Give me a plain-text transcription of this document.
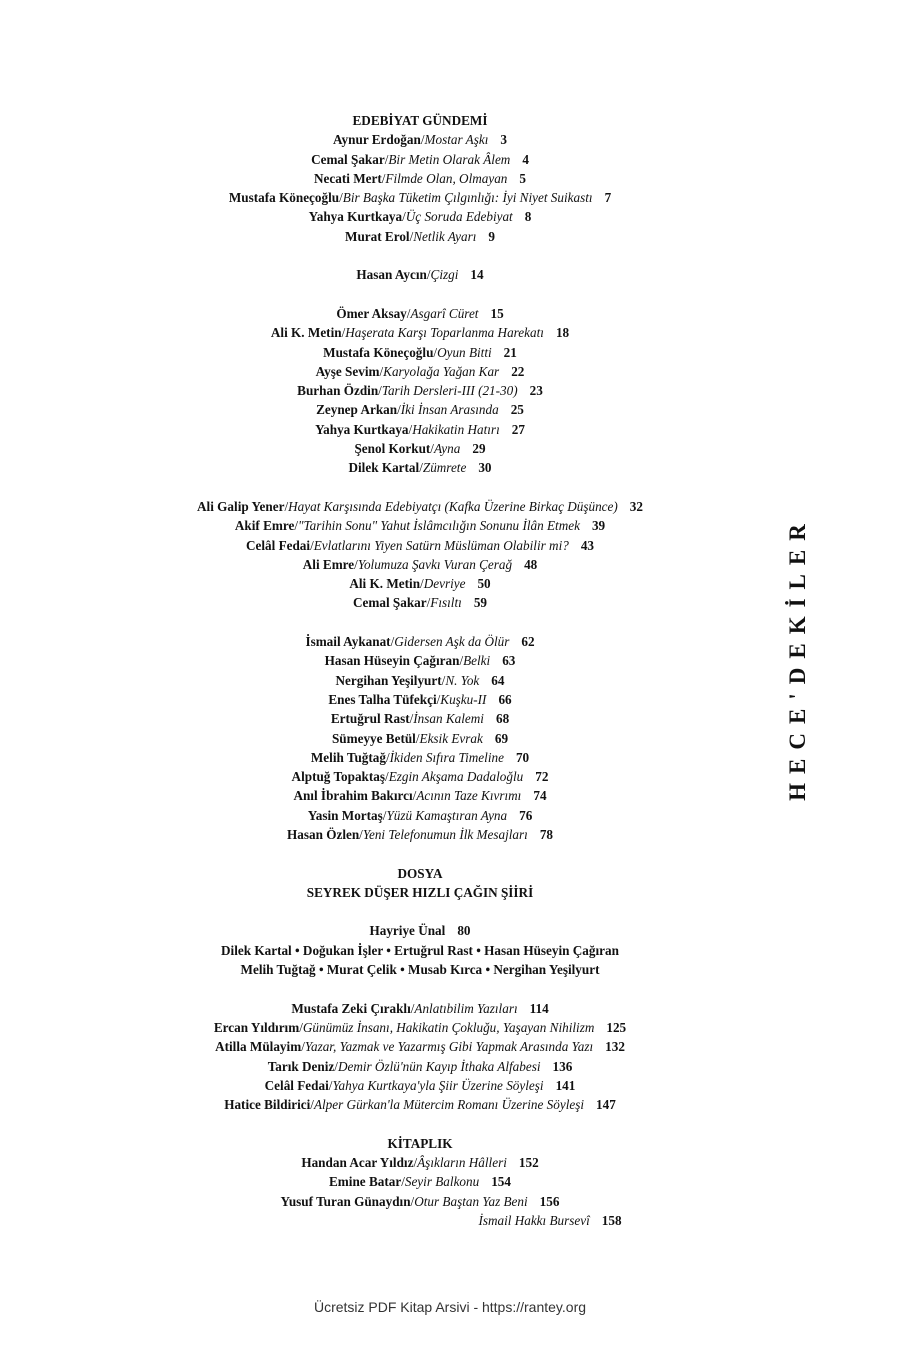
EDEBİYAT GÜNDEMİ
Aynur Erdoğan/Mostar Aşkı 3
Cemal Şakar/Bir Metin Olarak Âlem 4
Necati Mert/Filmde Olan, Olmayan 5
Mustafa Köneçoğlu/Bir Başka Tüketim Çılgınlığı: İyi Niyet Suikastı 7
Yahya Kurtkaya/Üç Soruda Edebiyat 8
Murat Erol/Netlik Ayarı 9
Hasan Aycın/Çizgi 14
Ömer Aksay/Asgarî Cüret 15
Ali K. Metin/Haşerata Karşı Toparlanma Harekatı 18
Mustafa Köneçoğlu/Oyun Bitti 21
Ayşe Sevim/Karyolağa Yağan Kar 22
Burhan Özdin/Tarih Dersleri-III (21-30) 23
Zeynep Arkan/İki İnsan Arasında 25
Yahya Kurtkaya/Hakikatin Hatırı 27
Şenol Korkut/Ayna 29
Dilek Kartal/Zümrete 30
Ali Galip Yener/Hayat Karşısında Edebiyatçı (Kafka Üzerine Birkaç Düşünce) 32
Akif Emre/"Tarihin Sonu" Yahut İslâmcılığın Sonunu İlân Etmek 39
Celâl Fedai/Evlatlarını Yiyen Satürn Müslüman Olabilir mi? 43
Ali Emre/Yolumuza Şavkı Vuran Çerağ 48
Ali K. Metin/Devriye 50
Cemal Şakar/Fısıltı 59
İsmail Aykanat/Gidersen Aşk da Ölür 62
Hasan Hüseyin Çağıran/Belki 63
Nergihan Yeşilyurt/N. Yok 64
Enes Talha Tüfekçi/Kuşku-II 66
Ertuğrul Rast/İnsan Kalemi 68
Sümeyye Betül/Eksik Evrak 69
Melih Tuğtağ/İkiden Sıfıra Timeline 70
Alptuğ Topaktaş/Ezgin Akşama Dadaloğlu 72
Anıl İbrahim Bakırcı/Acının Taze Kıvrımı 74
Yasin Mortaş/Yüzü Kamaştıran Ayna 76
Hasan Özlen/Yeni Telefonumun İlk Mesajları 78
DOSYA
SEYREK DÜŞER HIZLI ÇAĞIN ŞİİRİ
Hayriye Ünal 80
Dilek Kartal • Doğukan İşler • Ertuğrul Rast • Hasan Hüseyin Çağıran
Melih Tuğtağ • Murat Çelik • Musab Kırca • Nergihan Yeşilyurt
Mustafa Zeki Çıraklı/Anlatıbilim Yazıları 114
Ercan Yıldırım/Günümüz İnsanı, Hakikatin Çokluğu, Yaşayan Nihilizm 125
Atilla Mülayim/Yazar, Yazmak ve Yazarmış Gibi Yapmak Arasında Yazı 132
Tarık Deniz/Demir Özlü'nün Kayıp İthaka Alfabesi 136
Celâl Fedai/Yahya Kurtkaya'yla Şiir Üzerine Söyleşi 141
Hatice Bildirici/Alper Gürkan'la Mütercim Romanı Üzerine Söyleşi 147
KİTAPLIK
Handan Acar Yıldız/Âşıkların Hâlleri 152
Emine Batar/Seyir Balkonu 154
Yusuf Turan Günaydın/Otur Baştan Yaz Beni 156
İsmail Hakkı Bursevî 158
HECE'DEKİLER
Ücretsiz PDF Kitap Arsivi - https://rantey.org
